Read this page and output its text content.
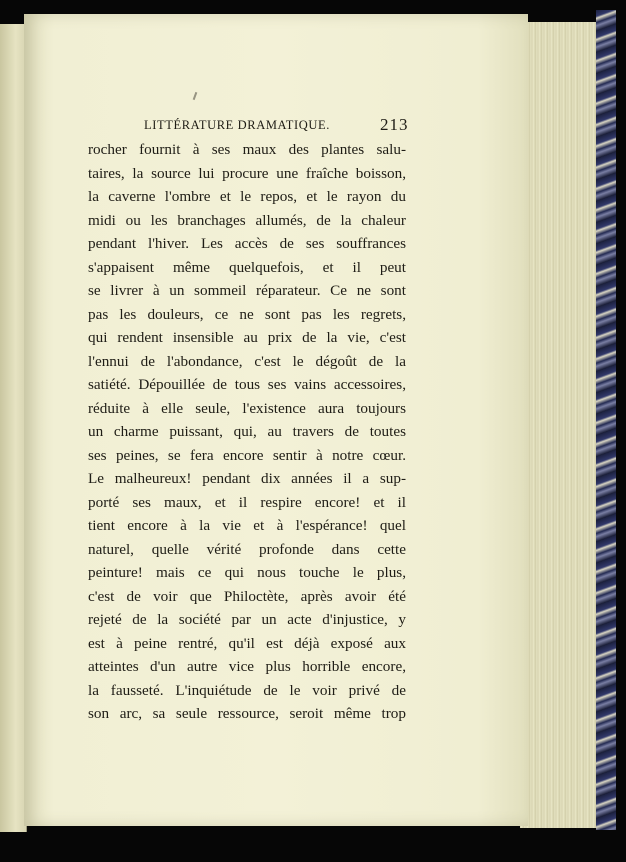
LITTÉRATURE DRAMATIQUE.	213
rocher fournit à ses maux des plantes salu-
taires, la source lui procure une fraîche boisson,
la caverne l'ombre et le repos, et le rayon du
midi ou les branchages allumés, de la chaleur
pendant l'hiver. Les accès de ses souffrances
s'appaisent même quelquefois, et il peut
se livrer à un sommeil réparateur. Ce ne sont
pas les douleurs, ce ne sont pas les regrets,
qui rendent insensible au prix de la vie, c'est
l'ennui de l'abondance, c'est le dégoût de la
satiété. Dépouillée de tous ses vains accessoires,
réduite à elle seule, l'existence aura toujours
un charme puissant, qui, au travers de toutes
ses peines, se fera encore sentir à notre cœur.
Le malheureux! pendant dix années il a sup-
porté ses maux, et il respire encore! et il
tient encore à la vie et à l'espérance! quel
naturel, quelle vérité profonde dans cette
peinture! mais ce qui nous touche le plus,
c'est de voir que Philoctète, après avoir été
rejeté de la société par un acte d'injustice, y
est à peine rentré, qu'il est déjà exposé aux
atteintes d'un autre vice plus horrible encore,
la fausseté. L'inquiétude de le voir privé de
son arc, sa seule ressource, seroit même trop
